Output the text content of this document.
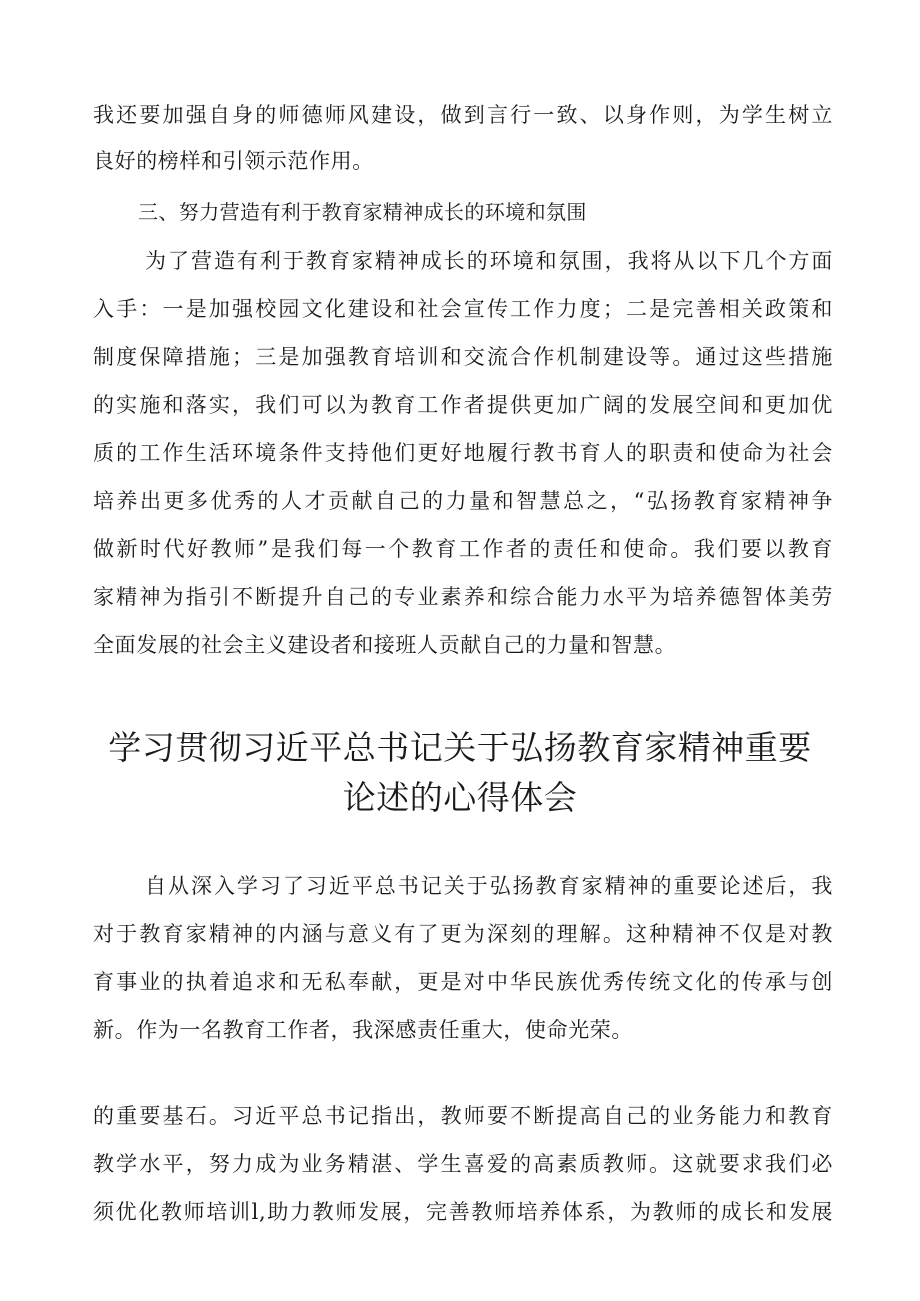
我还要加强自身的师德师风建设，做到言行一致、以身作则，为学生树立
良好的榜样和引领示范作用。
三、努力营造有利于教育家精神成长的环境和氛围
为了营造有利于教育家精神成长的环境和氛围，我将从以下几个方面
入手：一是加强校园文化建设和社会宣传工作力度；二是完善相关政策和
制度保障措施；三是加强教育培训和交流合作机制建设等。通过这些措施
的实施和落实，我们可以为教育工作者提供更加广阔的发展空间和更加优
质的工作生活环境条件支持他们更好地履行教书育人的职责和使命为社会
培养出更多优秀的人才贡献自己的力量和智慧总之，“弘扬教育家精神争
做新时代好教师”是我们每一个教育工作者的责任和使命。我们要以教育
家精神为指引不断提升自己的专业素养和综合能力水平为培养德智体美劳
全面发展的社会主义建设者和接班人贡献自己的力量和智慧。
学习贯彻习近平总书记关于弘扬教育家精神重要
论述的心得体会
自从深入学习了习近平总书记关于弘扬教育家精神的重要论述后，我
对于教育家精神的内涵与意义有了更为深刻的理解。这种精神不仅是对教
育事业的执着追求和无私奉献，更是对中华民族优秀传统文化的传承与创
新。作为一名教育工作者，我深感责任重大，使命光荣。
的重要基石。习近平总书记指出，教师要不断提高自己的业务能力和教育
教学水平，努力成为业务精湛、学生喜爱的高素质教师。这就要求我们必
须优化教师培训l,助力教师发展，完善教师培养体系，为教师的成长和发展
